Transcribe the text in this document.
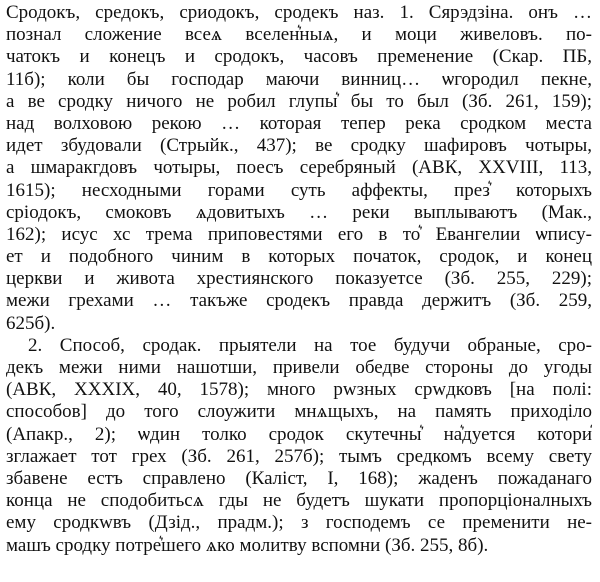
Сродокъ, средокъ, сриодокъ, сродекъ наз. 1. Сярэдзіна. онъ …
познал сложение всеѧ вселен͛ныѧ, и моци живеловъ. по-
чатокъ и конецъ и сродокъ, часовъ пременение (Скар. ПБ,
11б); коли бы господар маючи винниц… ѡгородил пекне,
а ве сродку ничого не робил глупы͛ бы то был (Зб. 261, 159);
над волховою рекою … которая тепер река сродком места
идет збудовали (Стрыйк., 437); ве сродку шафировъ чотыры,
а шмаракгдовъ чотыры, поесъ серебряный (АВК, XXVIII, 113,
1615); несходными горами суть аффекты, през͛ которыхъ
сріодокъ, смоковъ ѧдовитыхъ … реки выплываютъ (Мак.,
162); исус хс трема приповестями его в то͛ Евангелии ѡпису-
ет и подобного чиним в которых початок, сродок, и конец
церкви и живота хрестиянского показуетсе (Зб. 255, 229);
межи грехами … такъже сродекъ правда держитъ (Зб. 259,
625б).
2. Способ, сродак. прыятели на тое будучи обраные, сро-
декъ межи ними нашотши, привели обедве стороны до угоды
(АВК, XXXIX, 40, 1578); много рwзных срwдковъ [на полі:
способов] до того слоужити мнѧщыхъ, на память приходіло
(Апакр., 2); ѡдин толко сродок скутечны͛ на͛дуется котори͛
зглажает тот грех (Зб. 261, 257б); тымъ средкомъ всему свету
збавене естъ справлено (Каліст, I, 168); жаденъ пожаданаго
конца не сподобитьсѧ гды не будетъ шукати пропорціоналныхъ
ему сродкwвъ (Дзід., прадм.); з господемъ се пременити не-
машъ сродку потре͛шего ѧко молитву вспомни (Зб. 255, 8б).
